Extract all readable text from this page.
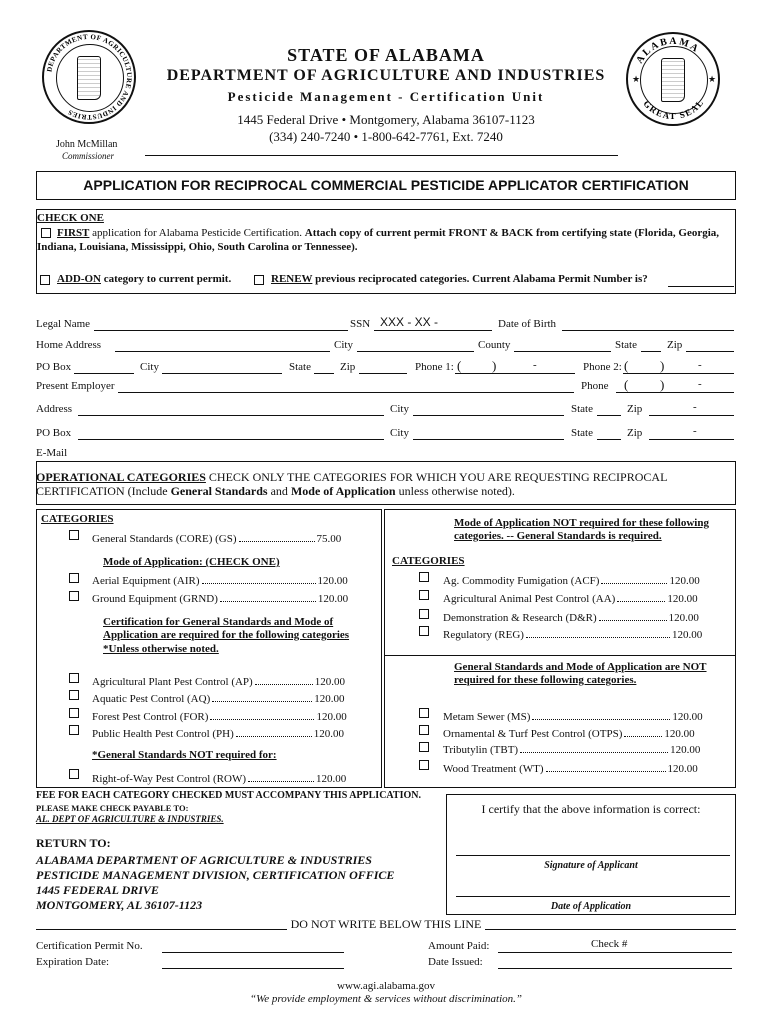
DEPARTMENT OF AGRICULTURE AND INDUSTRIES
STATE OF ALABAMA
DEPARTMENT OF AGRICULTURE AND INDUSTRIES
Pesticide Management - Certification Unit
1445 Federal Drive • Montgomery, Alabama 36107-1123
(334) 240-7240 • 1-800-642-7761, Ext. 7240
John McMillan
Commissioner
ALABAMA
GREAT SEAL
★	★
APPLICATION FOR RECIPROCAL COMMERCIAL PESTICIDE APPLICATOR CERTIFICATION
CHECK ONE
FIRST application for Alabama Pesticide Certification. Attach copy of current permit FRONT & BACK from certifying state (Florida, Georgia, Indiana, Louisiana, Mississippi, Ohio, South Carolina or Tennessee).
ADD-ON category to current permit.	RENEW previous reciprocated categories. Current Alabama Permit Number is?
Legal Name	SSN XXX - XX -	Date of Birth
Home Address	City	County	State	Zip
PO Box	City	State	Zip	Phone 1: ( )	-	Phone 2: ( )	-
Present Employer	Phone ( )	-
Address	City	State	Zip	-
PO Box	City	State	Zip	-
E-Mail
OPERATIONAL CATEGORIES CHECK ONLY THE CATEGORIES FOR WHICH YOU ARE REQUESTING RECIPROCAL CERTIFICATION (Include General Standards and Mode of Application unless otherwise noted).
CATEGORIES
General Standards (CORE) (GS)	75.00
Mode of Application: (CHECK ONE)
Aerial Equipment (AIR)	120.00
Ground Equipment (GRND)	120.00
Certification for General Standards and Mode of Application are required for the following categories
*Unless otherwise noted.
Agricultural Plant Pest Control (AP)	120.00
Aquatic Pest Control (AQ)	120.00
Forest Pest Control (FOR)	120.00
Public Health Pest Control (PH)	120.00
*General Standards NOT required for:
Right-of-Way Pest Control (ROW)	120.00
Mode of Application NOT required for these following categories. -- General Standards is required.
CATEGORIES
Ag. Commodity Fumigation (ACF)	120.00
Agricultural Animal Pest Control (AA)	120.00
Demonstration & Research (D&R)	120.00
Regulatory (REG)	120.00
General Standards and Mode of Application are NOT required for these following categories.
Metam Sewer (MS)	120.00
Ornamental & Turf Pest Control (OTPS)	120.00
Tributylin (TBT)	120.00
Wood Treatment (WT)	120.00
FEE FOR EACH CATEGORY CHECKED MUST ACCOMPANY THIS APPLICATION.
PLEASE MAKE CHECK PAYABLE TO:
AL. DEPT OF AGRICULTURE & INDUSTRIES.
I certify that the above information is correct:
Signature of Applicant
Date of Application
RETURN TO:
ALABAMA DEPARTMENT OF AGRICULTURE & INDUSTRIES
PESTICIDE MANAGEMENT DIVISION, CERTIFICATION OFFICE
1445 FEDERAL DRIVE
MONTGOMERY, AL 36107-1123
DO NOT WRITE BELOW THIS LINE
Certification Permit No.
Expiration Date:
Amount Paid:	Check #
Date Issued:
www.agi.alabama.gov
“We provide employment & services without discrimination.”
